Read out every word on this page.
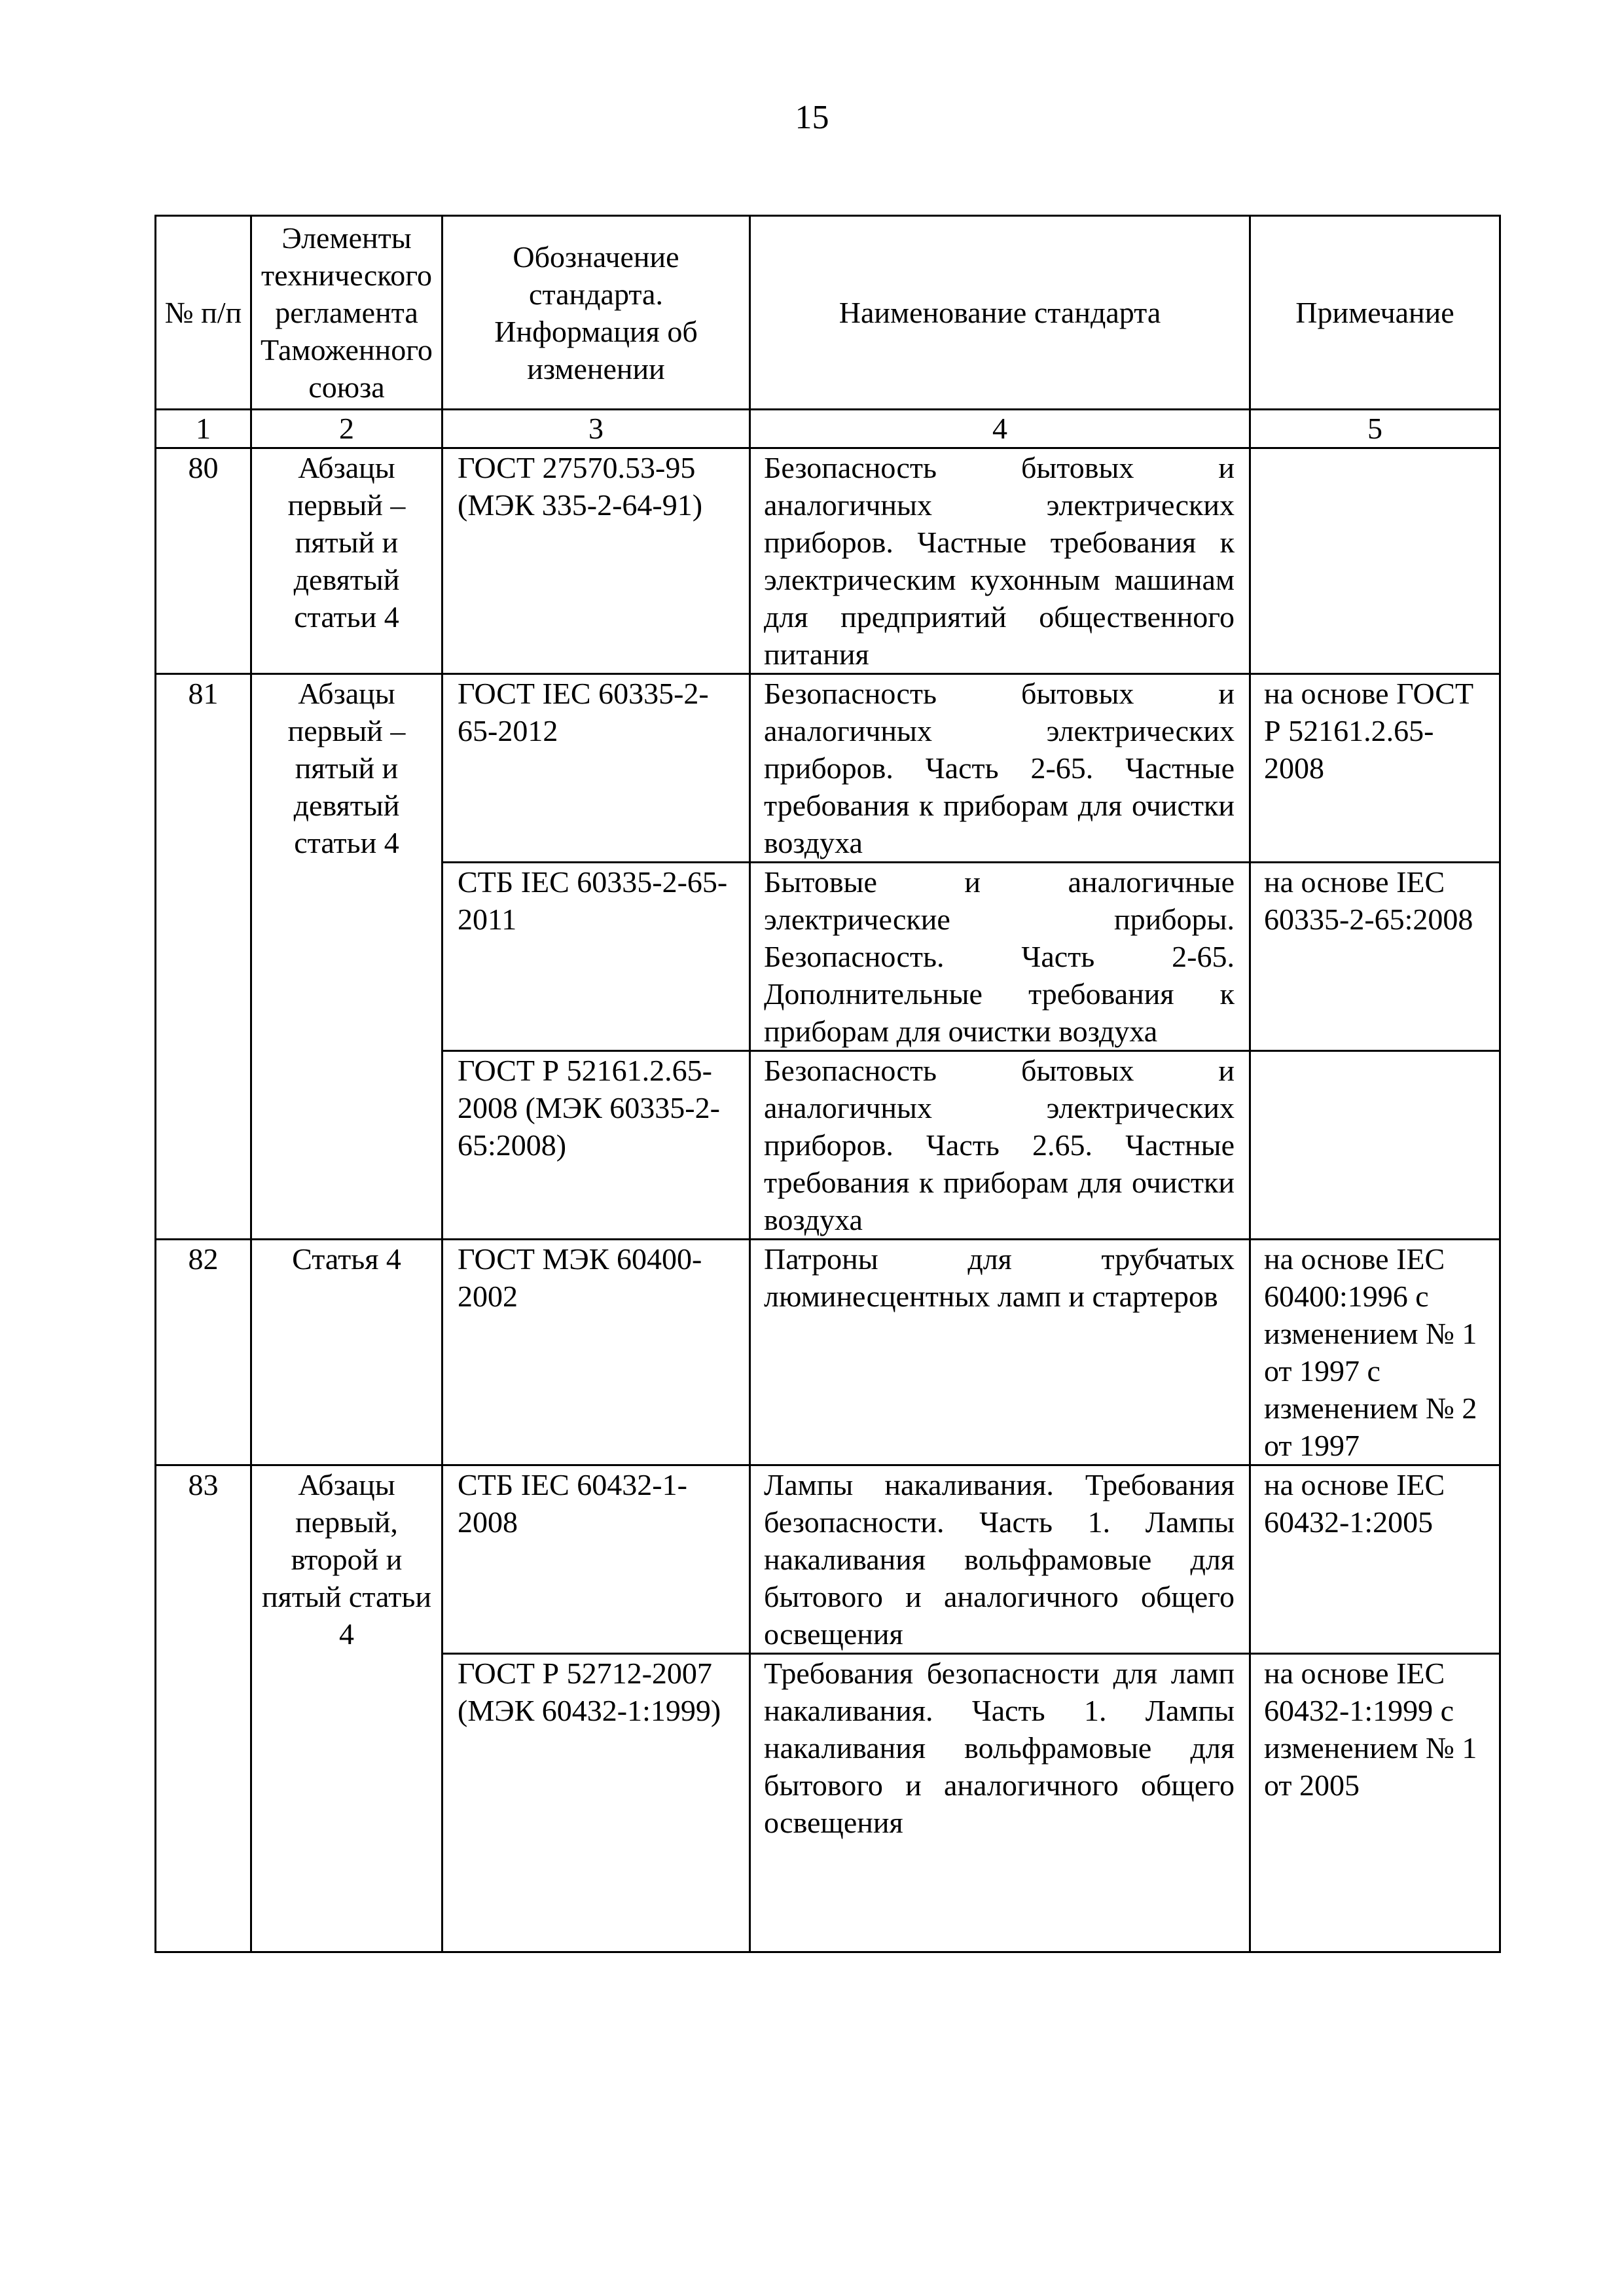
15
№ п/п	Элементы технического регламента Таможенного союза	Обозначение стандарта. Информация об изменении	Наименование стандарта	Примечание
1	2	3	4	5
80	Абзацы первый – пятый и девятый статьи 4	ГОСТ 27570.53-95 (МЭК 335-2-64-91)	Безопасность бытовых и аналогичных электрических приборов. Частные требования к электрическим кухонным машинам для предприятий общественного питания	
81	Абзацы первый – пятый и девятый статьи 4	ГОСТ IEC 60335-2-65-2012	Безопасность бытовых и аналогичных электрических приборов. Часть 2-65. Частные требования к приборам для очистки воздуха	на основе ГОСТ Р 52161.2.65-2008
		СТБ IEC 60335-2-65-2011	Бытовые и аналогичные электрические приборы. Безопасность. Часть 2-65. Дополнительные требования к приборам для очистки воздуха	на основе IEC 60335-2-65:2008
		ГОСТ Р 52161.2.65-2008 (МЭК 60335-2-65:2008)	Безопасность бытовых и аналогичных электрических приборов. Часть 2.65. Частные требования к приборам для очистки воздуха	
82	Статья 4	ГОСТ МЭК 60400-2002	Патроны для трубчатых люминесцентных ламп и стартеров	на основе IEC 60400:1996 с изменением № 1 от 1997 с изменением № 2 от 1997
83	Абзацы первый, второй и пятый статьи 4	СТБ IEC 60432-1-2008	Лампы накаливания. Требования безопасности. Часть 1. Лампы накаливания вольфрамовые для бытового и аналогичного общего освещения	на основе IEC 60432-1:2005
		ГОСТ Р 52712-2007 (МЭК 60432-1:1999)	Требования безопасности для ламп накаливания. Часть 1. Лампы накаливания вольфрамовые для бытового и аналогичного общего освещения	на основе IEC 60432-1:1999 с изменением № 1 от 2005
